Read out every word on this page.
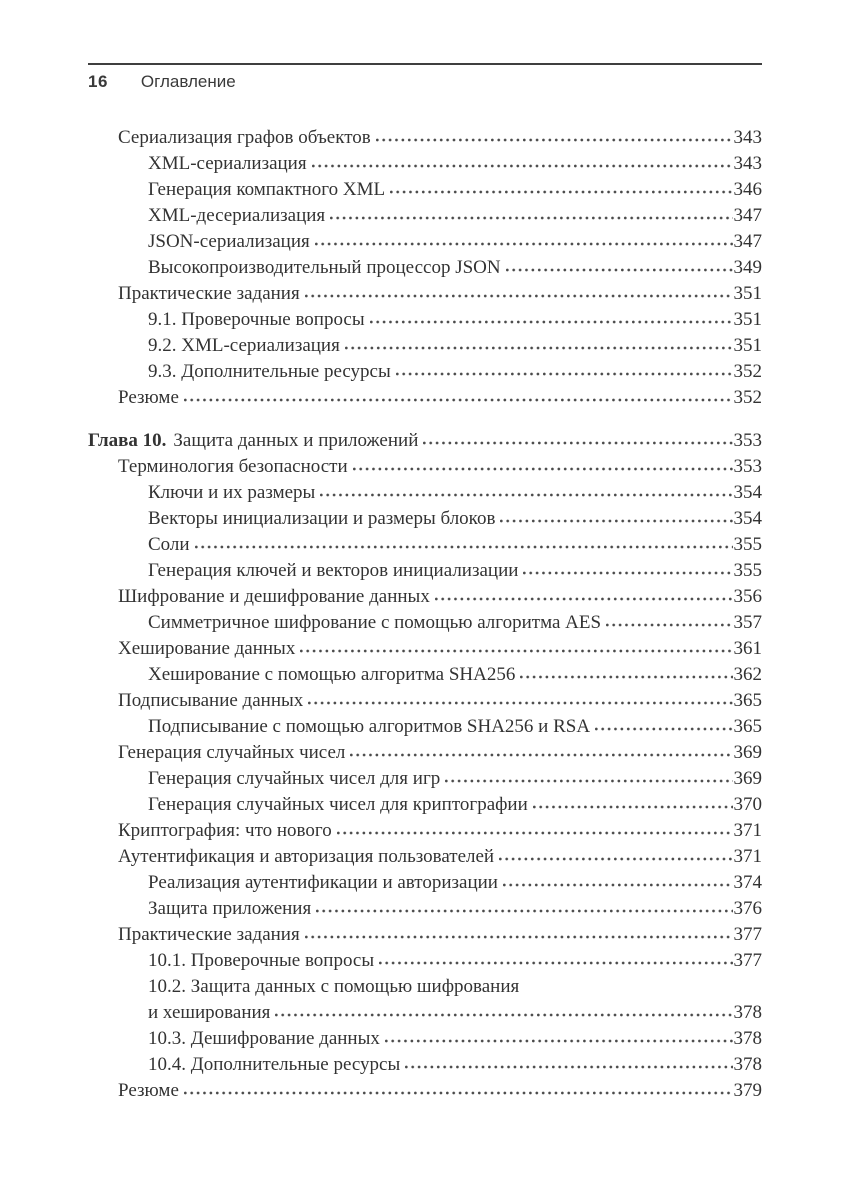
16 Оглавление
Сериализация графов объектов	343
XML-сериализация	343
Генерация компактного XML	346
XML-десериализация	347
JSON-сериализация	347
Высокопроизводительный процессор JSON	349
Практические задания	351
9.1. Проверочные вопросы	351
9.2. XML-сериализация	351
9.3. Дополнительные ресурсы	352
Резюме	352
Глава 10. Защита данных и приложений	353
Терминология безопасности	353
Ключи и их размеры	354
Векторы инициализации и размеры блоков	354
Соли	355
Генерация ключей и векторов инициализации	355
Шифрование и дешифрование данных	356
Симметричное шифрование с помощью алгоритма AES	357
Хеширование данных	361
Хеширование с помощью алгоритма SHA256	362
Подписывание данных	365
Подписывание с помощью алгоритмов SHA256 и RSA	365
Генерация случайных чисел	369
Генерация случайных чисел для игр	369
Генерация случайных чисел для криптографии	370
Криптография: что нового	371
Аутентификация и авторизация пользователей	371
Реализация аутентификации и авторизации	374
Защита приложения	376
Практические задания	377
10.1. Проверочные вопросы	377
10.2. Защита данных с помощью шифрования
и хеширования	378
10.3. Дешифрование данных	378
10.4. Дополнительные ресурсы	378
Резюме	379
